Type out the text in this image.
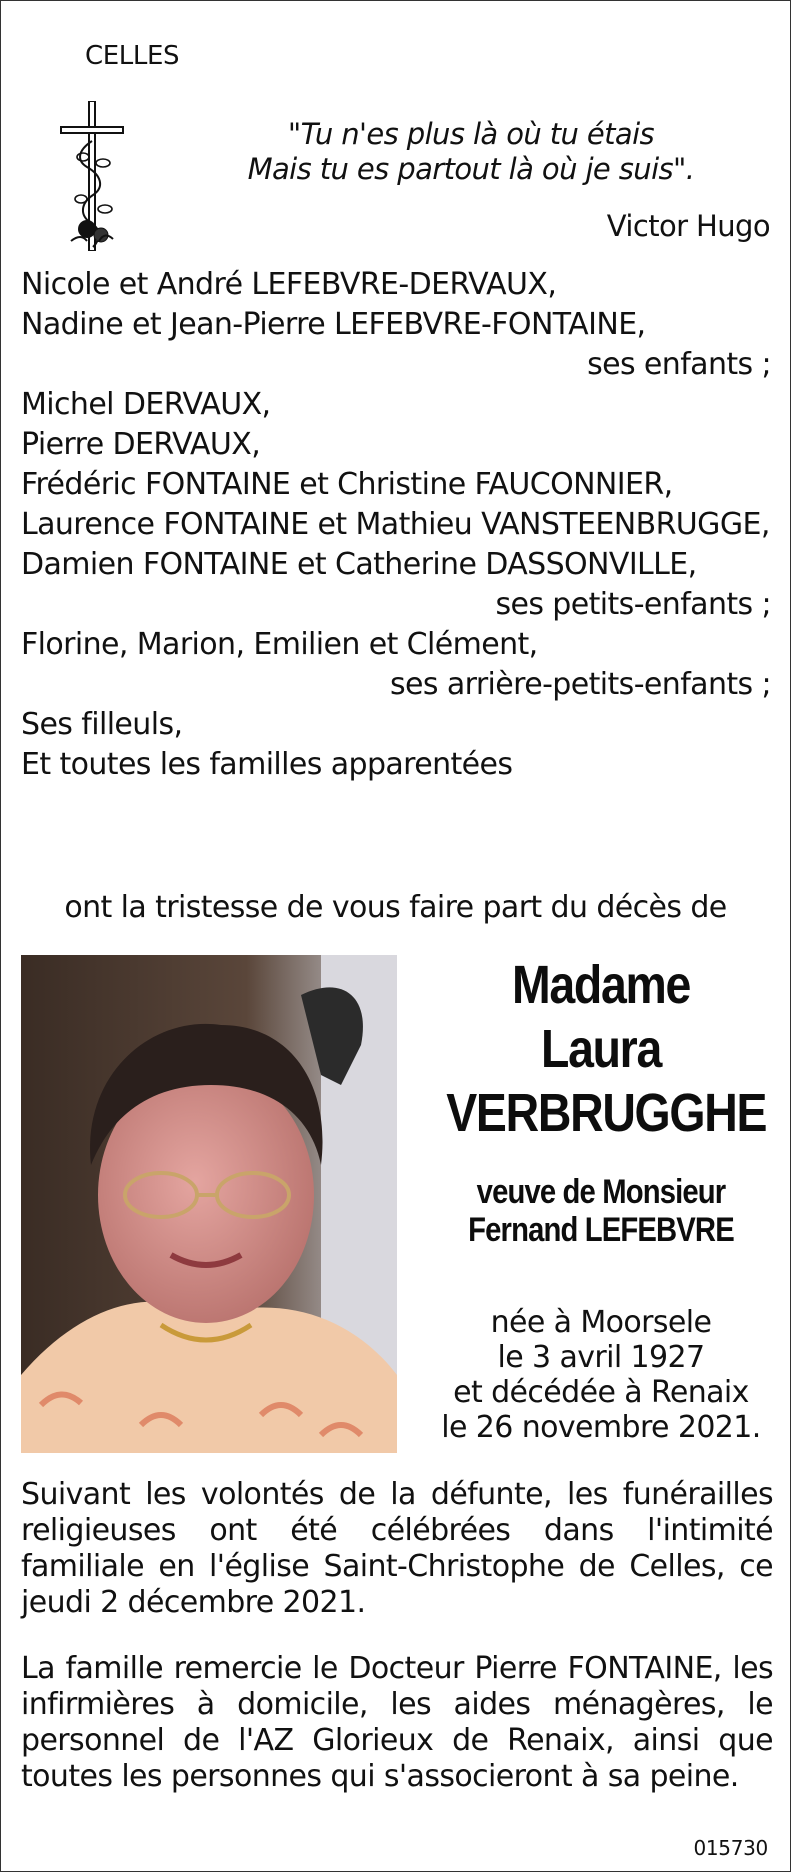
CELLES
"Tu n'es plus là où tu étais
Mais tu es partout là où je suis".
Victor Hugo
Nicole et André LEFEBVRE-DERVAUX,
Nadine et Jean-Pierre LEFEBVRE-FONTAINE,
ses enfants ;
Michel DERVAUX,
Pierre DERVAUX,
Frédéric FONTAINE et Christine FAUCONNIER,
Laurence FONTAINE et Mathieu VANSTEENBRUGGE,
Damien FONTAINE et Catherine DASSONVILLE,
ses petits-enfants ;
Florine, Marion, Emilien et Clément,
ses arrière-petits-enfants ;
Ses filleuls,
Et toutes les familles apparentées
ont la tristesse de vous faire part du décès de
Madame
Laura
VERBRUGGHE
veuve de Monsieur
Fernand LEFEBVRE
née à Moorsele
le 3 avril 1927
et décédée à Renaix
le 26 novembre 2021.
Suivant les volontés de la défunte, les funérailles religieuses ont été célébrées dans l'intimité familiale en l'église Saint-Christophe de Celles, ce jeudi 2 décembre 2021.
La famille remercie le Docteur Pierre FONTAINE, les infirmières à domicile, les aides ménagères, le personnel de l'AZ Glorieux de Renaix, ainsi que toutes les personnes qui s'associeront à sa peine.
015730
